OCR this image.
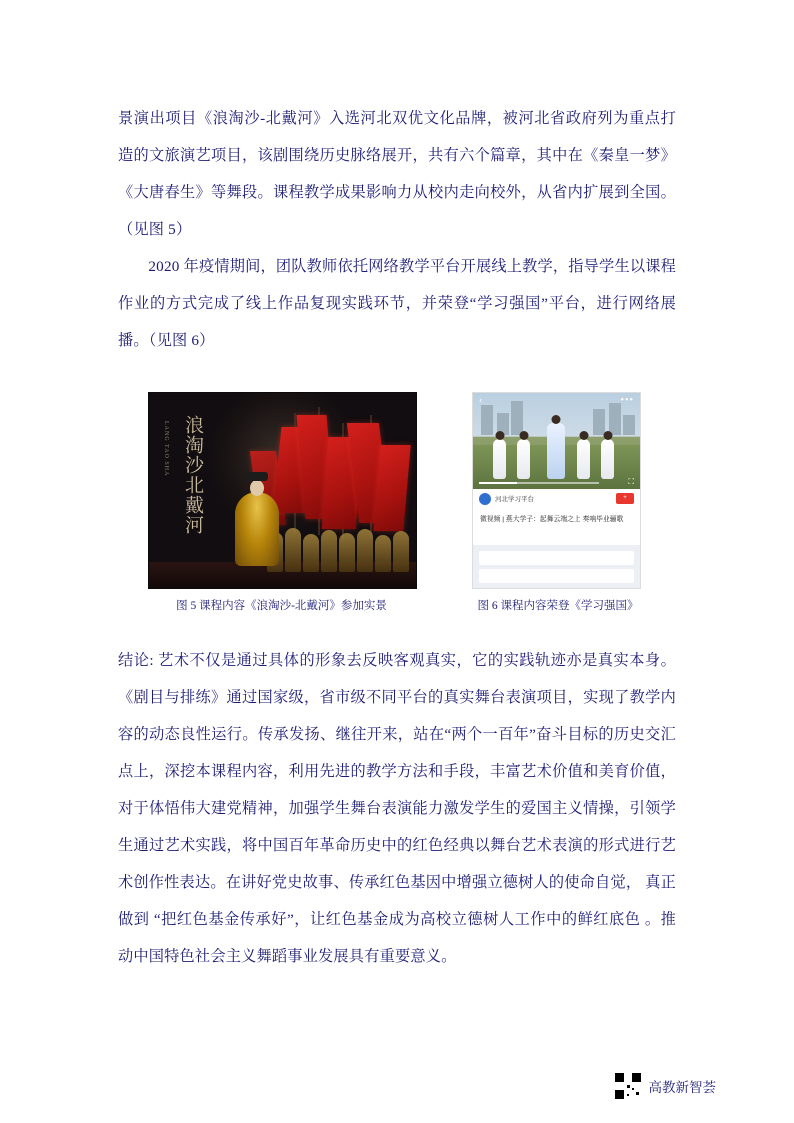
景演出项目《浪淘沙-北戴河》入选河北双优文化品牌，被河北省政府列为重点打造的文旅演艺项目，该剧围绕历史脉络展开，共有六个篇章，其中在《秦皇一梦》《大唐春生》等舞段。课程教学成果影响力从校内走向校外，从省内扩展到全国。（见图 5）

2020 年疫情期间，团队教师依托网络教学平台开展线上教学，指导学生以课程作业的方式完成了线上作品复现实践环节，并荣登“学习强国”平台，进行网络展播。（见图 6）

LANG TAO SHA 浪淘沙北戴河
‹	•••
⛶
河北学习平台	+
微视频 | 燕大学子：起舞云端之上 奏响毕业骊歌
图 5 课程内容《浪淘沙-北戴河》参加实景	图 6 课程内容荣登《学习强国》

结论: 艺术不仅是通过具体的形象去反映客观真实，它的实践轨迹亦是真实本身。《剧目与排练》通过国家级，省市级不同平台的真实舞台表演项目，实现了教学内容的动态良性运行。传承发扬、继往开来，站在“两个一百年”奋斗目标的历史交汇点上，深挖本课程内容，利用先进的教学方法和手段，丰富艺术价值和美育价值，对于体悟伟大建党精神，加强学生舞台表演能力激发学生的爱国主义情操，引领学生通过艺术实践，将中国百年革命历史中的红色经典以舞台艺术表演的形式进行艺术创作性表达。在讲好党史故事、传承红色基因中增强立德树人的使命自觉， 真正做到 “把红色基金传承好”，让红色基金成为高校立德树人工作中的鲜红底色 。推动中国特色社会主义舞蹈事业发展具有重要意义。

高教新智荟
